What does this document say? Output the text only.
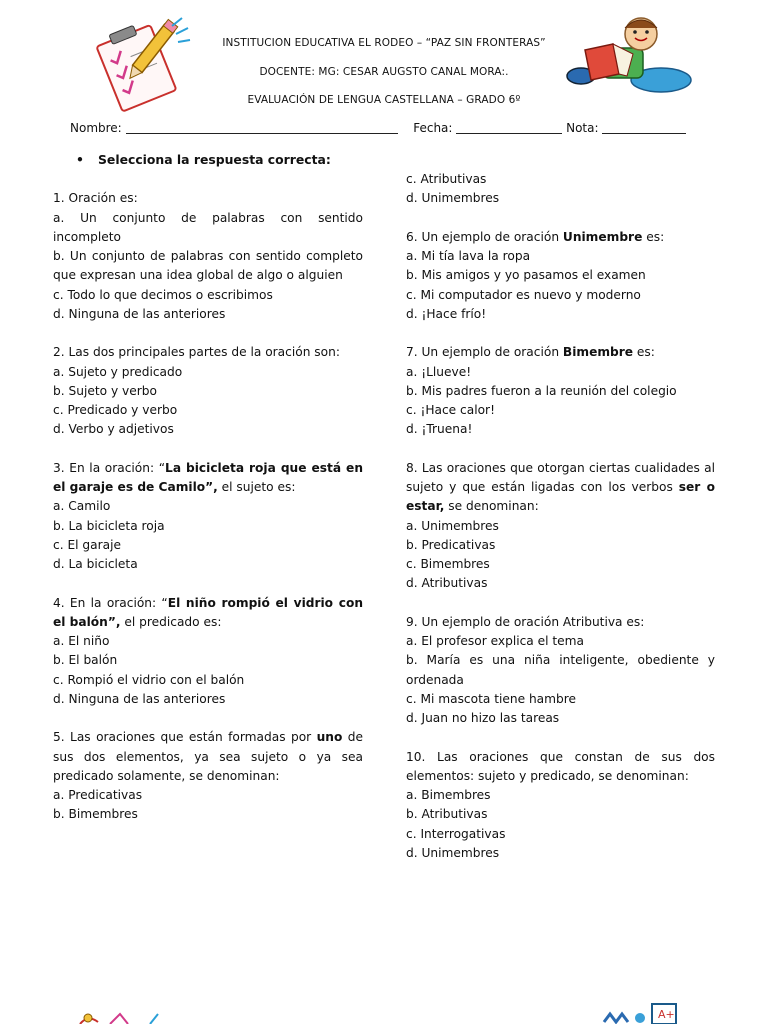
INSTITUCION EDUCATIVA EL RODEO – “PAZ SIN FRONTERAS”
DOCENTE: MG: CESAR AUGSTO CANAL MORA:.
EVALUACIÓN DE LENGUA CASTELLANA – GRADO 6º
Nombre:	Fecha:	Nota:
• Selecciona la respuesta correcta:

1. Oración es:

a. Un conjunto de palabras con sentido incompleto

b. Un conjunto de palabras con sentido completo que expresan una idea global de algo o alguien

c. Todo lo que decimos o escribimos

d. Ninguna de las anteriores

2. Las dos principales partes de la oración son:

a. Sujeto y predicado

b. Sujeto y verbo

c. Predicado y verbo

d. Verbo y adjetivos

3. En la oración: “La bicicleta roja que está en el garaje es de Camilo”, el sujeto es:

a. Camilo

b. La bicicleta roja

c. El garaje

d. La bicicleta

4. En la oración: “El niño rompió el vidrio con el balón”, el predicado es:

a. El niño

b. El balón

c. Rompió el vidrio con el balón

d. Ninguna de las anteriores

5. Las oraciones que están formadas por uno de sus dos elementos, ya sea sujeto o ya sea predicado solamente, se denominan:

a. Predicativas

b. Bimembres

c. Atributivas

d. Unimembres

6. Un ejemplo de oración Unimembre es:

a. Mi tía lava la ropa

b. Mis amigos y yo pasamos el examen

c. Mi computador es nuevo y moderno

d. ¡Hace frío!

7. Un ejemplo de oración Bimembre es:

a. ¡Llueve!

b. Mis padres fueron a la reunión del colegio

c. ¡Hace calor!

d. ¡Truena!

8. Las oraciones que otorgan ciertas cualidades al sujeto y que están ligadas con los verbos ser o estar, se denominan:

a. Unimembres

b. Predicativas

c. Bimembres

d. Atributivas

9. Un ejemplo de oración Atributiva es:

a. El profesor explica el tema

b. María es una niña inteligente, obediente y ordenada

c. Mi mascota tiene hambre

d. Juan no hizo las tareas

10. Las oraciones que constan de sus dos elementos: sujeto y predicado, se denominan:

a. Bimembres

b. Atributivas

c. Interrogativas

d. Unimembres

A+
